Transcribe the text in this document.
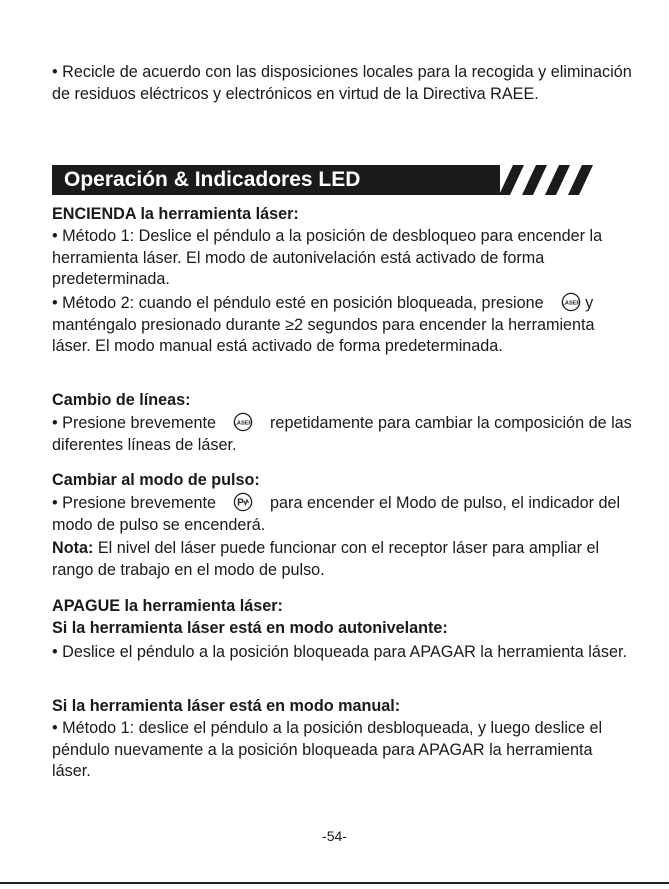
• Recicle de acuerdo con las disposiciones locales para la recogida y eliminación de residuos eléctricos y electrónicos en virtud de la Directiva RAEE.

Operación & Indicadores LED

ENCIENDA la herramienta láser:

• Método 1: Deslice el péndulo a la posición de desbloqueo para encender la herramienta láser. El modo de autonivelación está activado de forma predeterminada.

• Método 2: cuando el péndulo esté en posición bloqueada, presione	LASER y manténgalo presionado durante ≥2 segundos para encender la herramienta láser. El modo manual está activado de forma predeterminada.

Cambio de líneas:

• Presione brevemente	LASER repetidamente para cambiar la composición de las diferentes líneas de láser.

Cambiar al modo de pulso:

• Presione brevemente P para encender el Modo de pulso, el indicador del modo de pulso se encenderá.

Nota: El nivel del láser puede funcionar con el receptor láser para ampliar el rango de trabajo en el modo de pulso.

APAGUE la herramienta láser:

Si la herramienta láser está en modo autonivelante:

• Deslice el péndulo a la posición bloqueada para APAGAR la herramienta láser.

Si la herramienta láser está en modo manual:

• Método 1: deslice el péndulo a la posición desbloqueada, y luego deslice el péndulo nuevamente a la posición bloqueada para APAGAR la herramienta láser.

-54-
